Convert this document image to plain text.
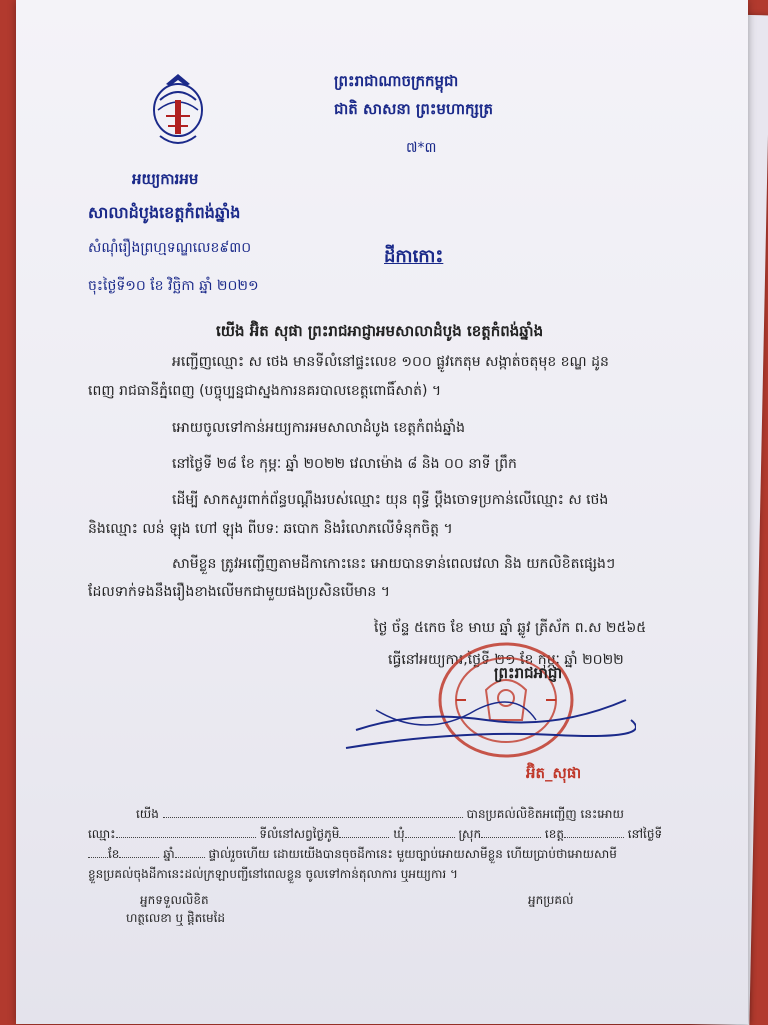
ព្រះរាជាណាចក្រកម្ពុជា
ជាតិ សាសនា ព្រះមហាក្សត្រ
៧*៣
អយ្យការអម
សាលាដំបូងខេត្តកំពង់ឆ្នាំង
សំណុំរឿងព្រហ្មទណ្ឌលេខ៩៣០
ចុះថ្ងៃទី១០ ខែ វិច្ឆិកា ឆ្នាំ ២០២១
ដីកាកោះ
យើង អ៊ិត សុផា ព្រះរាជអាជ្ញាអមសាលាដំបូង ខេត្តកំពង់ឆ្នាំង
អញ្ជើញឈ្មោះ ស ថេង មានទីលំនៅផ្ទះលេខ ១០០ ផ្លូវកេតុម សង្កាត់ចតុមុខ ខណ្ឌ ដូន
ពេញ រាជធានីភ្នំពេញ (បច្ចុប្បន្នជាស្នងការនគរបាលខេត្តពោធិ៍សាត់) ។
អោយចូលទៅកាន់អយ្យការអមសាលាដំបូង ខេត្តកំពង់ឆ្នាំង
នៅថ្ងៃទី ២៨ ខែ កុម្ភៈ ឆ្នាំ ២០២២ វេលាម៉ោង ៨ និង ០០ នាទី ព្រឹក
ដើម្បី សាកសួរពាក់ព័ន្ធបណ្តឹងរបស់ឈ្មោះ យុន ពុទ្ធី ប្តឹងចោទប្រកាន់លើឈ្មោះ ស ថេង
និងឈ្មោះ លន់ ឡុង ហៅ ឡុង ពីបទ: ឆបោក និងរំលោភលើទំនុកចិត្ត ។
សាមីខ្លួន ត្រូវអញ្ជើញតាមដីកាកោះនេះ អោយបានទាន់ពេលវេលា និង យកលិខិតផ្សេងៗ
ដែលទាក់ទងនឹងរឿងខាងលើមកជាមួយផងប្រសិនបើមាន ។
ថ្ងៃ ច័ន្ទ ៥កេច ខែ មាឃ ឆ្នាំ ឆ្លូវ ត្រីស័ក ព.ស ២៥៦៥
ធ្វើនៅអយ្យការ,ថ្ងៃទី ២១ ខែ កុម្ភៈ ឆ្នាំ ២០២២
ព្រះរាជអាជ្ញា
អ៊ិត_សុផា
យើង	បានប្រគល់លិខិតអញ្ជើញ នេះអោយ
ឈ្មោះ	ទីលំនៅសព្វថ្ងៃភូមិ	ឃុំ	ស្រុក	ខេត្ត	នៅថ្ងៃទី
ខែ	ឆ្នាំ	ផ្ទាល់រួចហើយ ដោយយើងបានចុចដីកានេះ មួយច្បាប់អោយសាមីខ្លួន ហើយប្រាប់ថាអោយសាមី
ខ្លួនប្រគល់ចុងដីកានេះដល់ក្រឡាបញ្ជីនៅពេលខ្លួន ចូលទៅកាន់តុលាការ ឬអយ្យការ ។
អ្នកទទួលលិខិត
ហត្ថលេខា ឬ ផ្តិតមេដៃ
អ្នកប្រគល់
